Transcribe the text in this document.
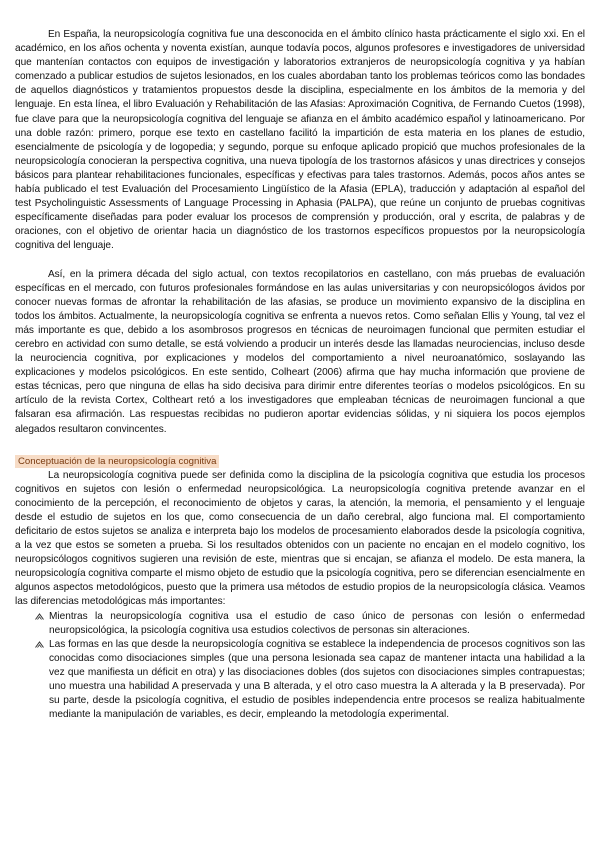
En España, la neuropsicología cognitiva fue una desconocida en el ámbito clínico hasta prácticamente el siglo xxi. En el académico, en los años ochenta y noventa existían, aunque todavía pocos, algunos profesores e investigadores de universidad que mantenían contactos con equipos de investigación y laboratorios extranjeros de neuropsicología cognitiva y ya habían comenzado a publicar estudios de sujetos lesionados, en los cuales abordaban tanto los problemas teóricos como las bondades de aquellos diagnósticos y tratamientos propuestos desde la disciplina, especialmente en los ámbitos de la memoria y del lenguaje. En esta línea, el libro Evaluación y Rehabilitación de las Afasias: Aproximación Cognitiva, de Fernando Cuetos (1998), fue clave para que la neuropsicología cognitiva del lenguaje se afianza en el ámbito académico español y latinoamericano. Por una doble razón: primero, porque ese texto en castellano facilitó la impartición de esta materia en los planes de estudio, esencialmente de psicología y de logopedia; y segundo, porque su enfoque aplicado propició que muchos profesionales de la neuropsicología conocieran la perspectiva cognitiva, una nueva tipología de los trastornos afásicos y unas directrices y consejos básicos para plantear rehabilitaciones funcionales, específicas y efectivas para tales trastornos. Además, pocos años antes se había publicado el test Evaluación del Procesamiento Lingüístico de la Afasia (EPLA), traducción y adaptación al español del test Psycholinguistic Assessments of Language Processing in Aphasia (PALPA), que reúne un conjunto de pruebas cognitivas específicamente diseñadas para poder evaluar los procesos de comprensión y producción, oral y escrita, de palabras y de oraciones, con el objetivo de orientar hacia un diagnóstico de los trastornos específicos propuestos por la neuropsicología cognitiva del lenguaje.

Así, en la primera década del siglo actual, con textos recopilatorios en castellano, con más pruebas de evaluación específicas en el mercado, con futuros profesionales formándose en las aulas universitarias y con neuropsicólogos ávidos por conocer nuevas formas de afrontar la rehabilitación de las afasias, se produce un movimiento expansivo de la disciplina en todos los ámbitos. Actualmente, la neuropsicología cognitiva se enfrenta a nuevos retos. Como señalan Ellis y Young, tal vez el más importante es que, debido a los asombrosos progresos en técnicas de neuroimagen funcional que permiten estudiar el cerebro en actividad con sumo detalle, se está volviendo a producir un interés desde las llamadas neurociencias, incluso desde la neurociencia cognitiva, por explicaciones y modelos del comportamiento a nivel neuroanatómico, soslayando las explicaciones y modelos psicológicos. En este sentido, Colheart (2006) afirma que hay mucha información que proviene de estas técnicas, pero que ninguna de ellas ha sido decisiva para dirimir entre diferentes teorías o modelos psicológicos. En su artículo de la revista Cortex, Coltheart retó a los investigadores que empleaban técnicas de neuroimagen funcional a que falsaran esa afirmación. Las respuestas recibidas no pudieron aportar evidencias sólidas, y ni siquiera los pocos ejemplos alegados resultaron convincentes.

Conceptuación de la neuropsicología cognitiva

La neuropsicología cognitiva puede ser definida como la disciplina de la psicología cognitiva que estudia los procesos cognitivos en sujetos con lesión o enfermedad neuropsicológica. La neuropsicología cognitiva pretende avanzar en el conocimiento de la percepción, el reconocimiento de objetos y caras, la atención, la memoria, el pensamiento y el lenguaje desde el estudio de sujetos en los que, como consecuencia de un daño cerebral, algo funciona mal. El comportamiento deficitario de estos sujetos se analiza e interpreta bajo los modelos de procesamiento elaborados desde la psicología cognitiva, a la vez que estos se someten a prueba. Si los resultados obtenidos con un paciente no encajan en el modelo cognitivo, los neuropsicólogos cognitivos sugieren una revisión de este, mientras que si encajan, se afianza el modelo. De esta manera, la neuropsicología cognitiva comparte el mismo objeto de estudio que la psicología cognitiva, pero se diferencian esencialmente en algunos aspectos metodológicos, puesto que la primera usa métodos de estudio propios de la neuropsicología clásica. Veamos las diferencias metodológicas más importantes:

Mientras la neuropsicología cognitiva usa el estudio de caso único de personas con lesión o enfermedad neuropsicológica, la psicología cognitiva usa estudios colectivos de personas sin alteraciones.
Las formas en las que desde la neuropsicología cognitiva se establece la independencia de procesos cognitivos son las conocidas como disociaciones simples (que una persona lesionada sea capaz de mantener intacta una habilidad a la vez que manifiesta un déficit en otra) y las disociaciones dobles (dos sujetos con disociaciones simples contrapuestas; uno muestra una habilidad A preservada y una B alterada, y el otro caso muestra la A alterada y la B preservada). Por su parte, desde la psicología cognitiva, el estudio de posibles independencia entre procesos se realiza habitualmente mediante la manipulación de variables, es decir, empleando la metodología experimental.
